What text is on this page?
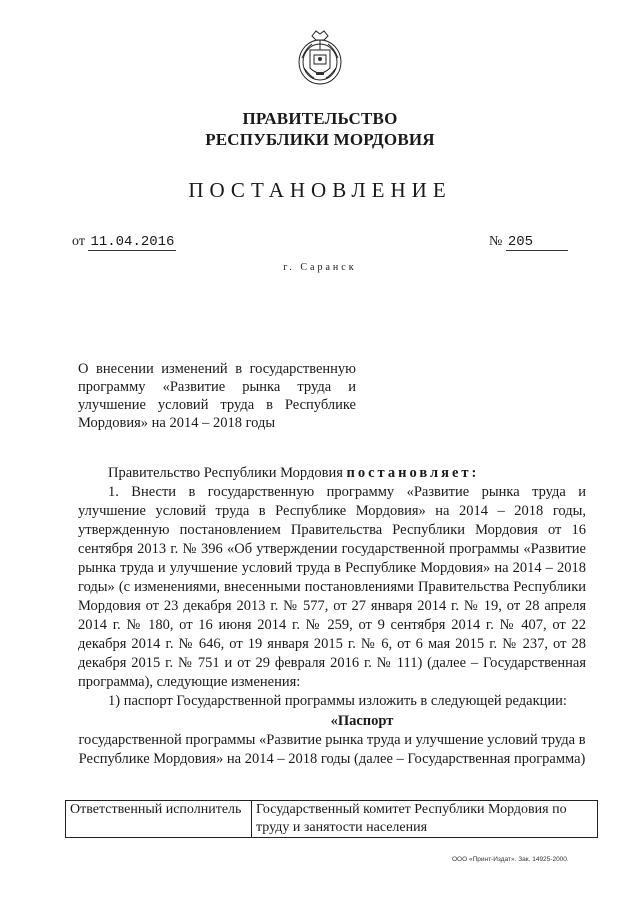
ПРАВИТЕЛЬСТВО
РЕСПУБЛИКИ МОРДОВИЯ
ПОСТАНОВЛЕНИЕ
от 11.04.2016	№ 205
г. Саранск
О внесении изменений в государственную программу «Развитие рынка труда и улучшение условий труда в Республике Мордовия» на 2014 – 2018 годы

Правительство Республики Мордовия постановляет:

1. Внести в государственную программу «Развитие рынка труда и улучшение условий труда в Республике Мордовия» на 2014 – 2018 годы, утвержденную постановлением Правительства Республики Мордовия от 16 сентября 2013 г. № 396 «Об утверждении государственной программы «Развитие рынка труда и улучшение условий труда в Республике Мордовия» на 2014 – 2018 годы» (с изменениями, внесенными постановлениями Правительства Республики Мордовия от 23 декабря 2013 г. № 577, от 27 января 2014 г. № 19, от 28 апреля 2014 г. № 180, от 16 июня 2014 г. № 259, от 9 сентября 2014 г. № 407, от 22 декабря 2014 г. № 646, от 19 января 2015 г. № 6, от 6 мая 2015 г. № 237, от 28 декабря 2015 г. № 751 и от 29 февраля 2016 г. № 111) (далее – Государственная программа), следующие изменения:

1) паспорт Государственной программы изложить в следующей редакции:

«Паспорт
государственной программы «Развитие рынка труда и улучшение условий труда в Республике Мордовия» на 2014 – 2018 годы (далее – Государственная программа)
Ответственный исполнитель	Государственный комитет Республики Мордовия по труду и занятости населения
ООО «Принт-Издат». Зак. 14925-2000.
